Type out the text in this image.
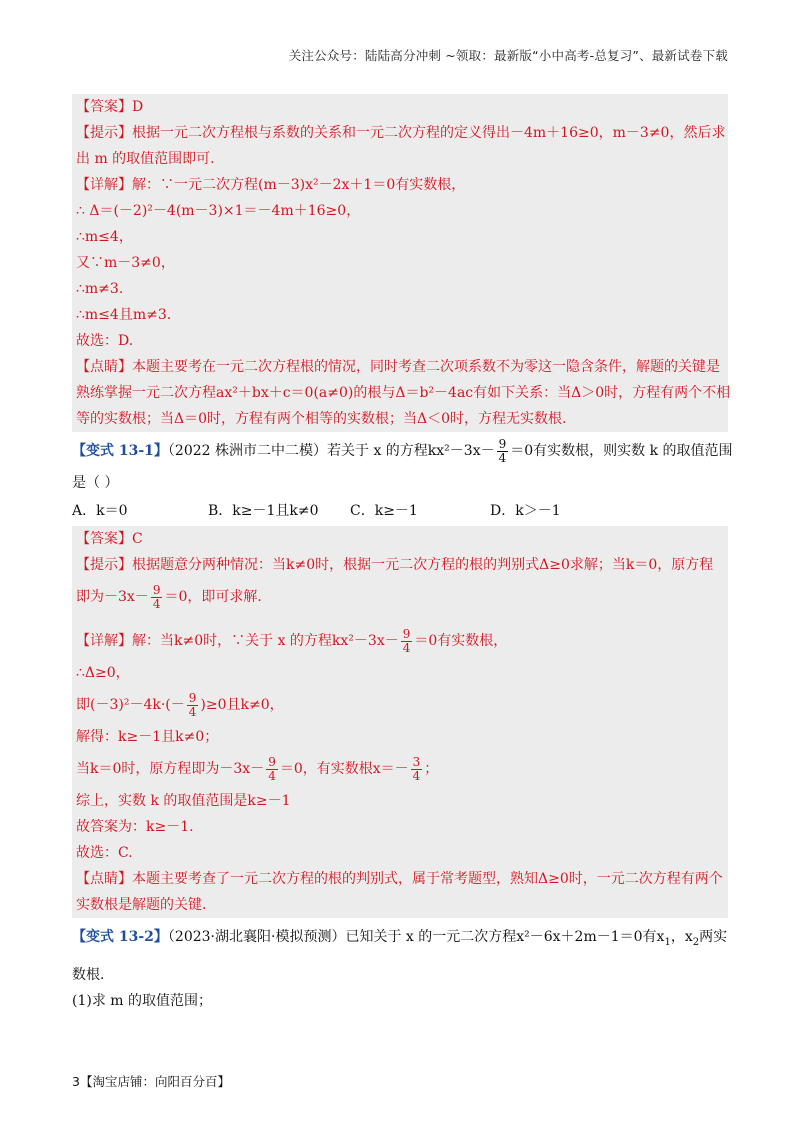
关注公众号：陆陆高分冲刺 ~领取：最新版“小中高考-总复习”、最新试卷下载
【答案】D
【提示】根据一元二次方程根与系数的关系和一元二次方程的定义得出－4m＋16≥0，m－3≠0，然后求
出 m 的取值范围即可.
【详解】解：∵一元二次方程(m－3)x²－2x＋1＝0有实数根，
∴ Δ＝(－2)²－4(m－3)×1＝－4m＋16≥0，
∴m≤4，
又∵m－3≠0，
∴m≠3.
∴m≤4且m≠3.
故选：D.
【点睛】本题主要考在一元二次方程根的情况，同时考查二次项系数不为零这一隐含条件，解题的关键是
熟练掌握一元二次方程ax²＋bx＋c＝0(a≠0)的根与Δ＝b²－4ac有如下关系：当Δ＞0时，方程有两个不相
等的实数根；当Δ＝0时，方程有两个相等的实数根；当Δ＜0时，方程无实数根.
【变式 13-1】（2022 株洲市二中二模）若关于 x 的方程$kx^2-3x- \frac{9}{4} =0$有实数根，则实数 k 的取值范围
是（ ）
A．k＝0	B．k≥－1且k≠0	C．k≥－1	D．k＞－1
【答案】C
【提示】根据题意分两种情况：当k≠0时，根据一元二次方程的根的判别式Δ≥0求解；当k＝0，原方程
即为$-3x- \frac{9}{4} =0$，即可求解.
【详解】解：当k≠0时，∵关于 x 的方程$kx^2-3x- \frac{9}{4} =0$有实数根，
∴Δ≥0，
即$(-3)^2-4k\cdot(- \frac{9}{4} )\ge 0$且k≠0，
解得：k≥－1且k≠0；
当k＝0时，原方程即为$-3x- \frac{9}{4} =0$，有实数根$x=- \frac{3}{4}$ ；
综上，实数 k 的取值范围是k≥－1
故答案为：k≥－1.
故选：C.
【点睛】本题主要考查了一元二次方程的根的判别式，属于常考题型，熟知Δ≥0时，一元二次方程有两个
实数根是解题的关键.
【变式 13-2】（2023·湖北襄阳·模拟预测）已知关于 x 的一元二次方程x²－6x＋2m－1＝0有$x_1$，$x_2$两实
数根.
(1)求 m 的取值范围；
3【淘宝店铺：向阳百分百】
